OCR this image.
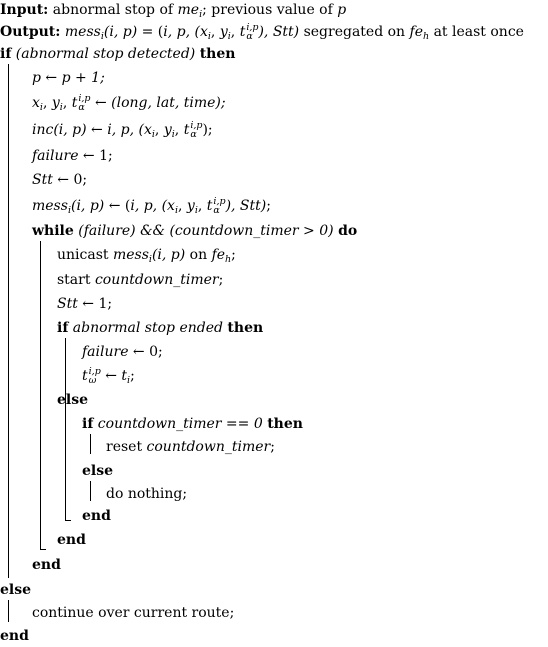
Input: abnormal stop of $me_i$; previous value of p
Output: mess$_i$(i, p) = (i, p, ($x_i$, $y_i$, t i,p
α ), Stt) segregated on $fe_h$ at least once
if (abnormal stop detected) then
p ← p + 1;
$x_i$, $y_i$, t i,p
α ← (long, lat, time);
inc(i, p) ← i, p, ($x_i$, $y_i$, t i,p
α );
failure ← 1;
Stt ← 0;
mess$_i$(i, p) ← (i, p, ($x_i$, $y_i$, t i,p
α ), Stt);
while (failure) && (countdown_timer > 0) do
unicast mess$_i$(i, p) on $fe_h$;
start countdown_timer;
Stt ← 1;
if abnormal stop ended then
failure ← 0;
t i,p
ω ← $t_i$;
else
if countdown_timer == 0 then
reset countdown_timer;
else
do nothing;
end
end
end
else
continue over current route;
end
